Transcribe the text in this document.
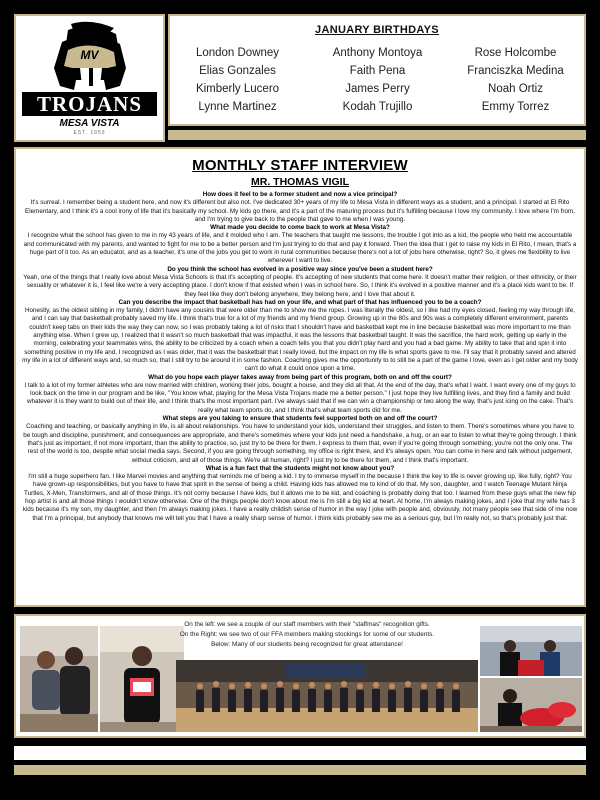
MV
TROJANS
MESA VISTA
EST. 1953
JANUARY BIRTHDAYS
London Downey
Elias Gonzales
Kimberly Lucero
Lynne Martinez
Anthony Montoya
Faith Pena
James Perry
Kodah Trujillo
Rose Holcombe
Franciszka Medina
Noah Ortiz
Emmy Torrez
MONTHLY STAFF INTERVIEW
MR. THOMAS VIGIL
How does it feel to be a former student and now a vice principal?
It's surreal. I remember being a student here, and now it's different but also not. I've dedicated 30+ years of my life to Mesa Vista in different ways as a student, and a principal. I started at El Rito Elementary, and I think it's a cool irony of life that it's basically my school. My kids go there, and it's a part of the maturing process but it's fulfilling because I love my community. I love where I'm from, and I'm trying to give back to the people that gave to me when I was young.
What made you decide to come back to work at Mesa Vista?
I recognize what the school has given to me in my 43 years of life, and it molded who I am. The teachers that taught me lessons, the trouble I got into as a kid, the people who held me accountable and communicated with my parents, and wanted to fight for me to be a better person and I'm just trying to do that and pay it forward. Then the idea that I get to raise my kids in El Rito, I mean, that's a huge part of it too. As an educator, and as a teacher, it's one of the jobs you get to work in rural communities because there's not a lot of jobs here otherwise, right? So, it gives me flexibility to live wherever I want to live.
Do you think the school has evolved in a positive way since you've been a student here?
Yeah, one of the things that I really love about Mesa Vista Schools is that it's accepting of people. It's accepting of new students that come here. It doesn't matter their religion, or their ethnicity, or their sexuality or whatever it is, I feel like we're a very accepting place. I don't know if that existed when I was in school here. So, I think it's evolved in a positive manner and it's a place kids want to be. If they feel like they don't belong anywhere, they belong here, and I love that about it.
Can you describe the impact that basketball has had on your life, and what part of that has influenced you to be a coach?
Honestly, as the oldest sibling in my family, I didn't have any cousins that were older than me to show me the ropes. I was literally the oldest, so I like had my eyes closed, feeling my way through life, and I can say that basketball probably saved my life. I think that's true for a lot of my friends and my friend group. Growing up in the 80s and 90s was a completely different environment, parents couldn't keep tabs on their kids the way they can now, so I was probably taking a lot of risks that I shouldn't have and basketball kept me in line because basketball was more important to me than anything else. When I grew up, I realized that it wasn't so much basketball that was impactful, it was the lessons that basketball taught. It was the sacrifice, the hard work, getting up early in the morning, celebrating your teammates wins, the ability to be criticized by a coach when a coach tells you that you didn't play hard and you had a bad game. My ability to take that and spin it into something positive in my life and, I recognized as I was older, that it was the basketball that I really loved, but the impact on my life is what sports gave to me. I'll say that it probably saved and altered my life in a lot of different ways and, so much so, that I still try to be around it in some fashion. Coaching gives me the opportunity to to still be a part of the game I love, even as I get older and my body can't do what it could once upon a time.
What do you hope each player takes away from being part of this program, both on and off the court?
I talk to a lot of my former athletes who are now married with children, working their jobs, bought a house, and they did all that. At the end of the day, that's what I want. I want every one of my guys to look back on the time in our program and be like, "You know what, playing for the Mesa Vista Trojans made me a better person." I just hope they live fulfilling lives, and they find a family and build whatever it is they want to build out of their life, and I think that's the most important part. I've always said that if we can win a championship or two along the way, that's just icing on the cake. That's really what team sports do, and I think that's what team sports did for me.
What steps are you taking to ensure that students feel supported both on and off the court?
Coaching and teaching, or basically anything in life, is all about relationships. You have to understand your kids, understand their struggles, and listen to them. There's sometimes where you have to be tough and discipline, punishment, and consequences are appropriate, and there's sometimes where your kids just need a handshake, a hug, or an ear to listen to what they're going through. I think that's just as important, if not more important, than the ability to practice, so, just try to be there for them. I express to them that, even if you're going through something, you're not the only one. The rest of the world is too, despite what social media says. Second, if you are going through something, my office is right there, and it's always open. You can come in here and talk without judgement, without criticism, and all of those things. We're all human, right? I just try to be there for them, and I think that's important.
What is a fun fact that the students might not know about you?
I'm still a huge superhero fan. I like Marvel movies and anything that reminds me of being a kid. I try to immerse myself in the because I think the key to life is never growing up, like fully, right? You have grown-up responsibilities, but you have to have that spirit in the sense of being a child. Having kids has allowed me to kind of do that. My son, daughter, and I watch Teenage Mutant Ninja Turtles, X-Men, Transformers, and all of those things. It's not corny because I have kids, but it allows me to be kid, and coaching is probably doing that too. I learned from these guys what the new hip hop artist is and all those things I wouldn't know otherwise. One of the things people don't know about me is I'm still a big kid at heart. At home, I'm always making jokes, and I joke that my wife has 3 kids because it's my son, my daughter, and then I'm always making jokes. I have a really childish sense of humor in the way I joke with people and, obviously, not many people see that side of me now that I'm a principal, but anybody that knows me will tell you that I have a really sharp sense of humor. I think kids probably see me as a serious guy, but I'm really not, so that's probably just that.
On the left: we see a couple of our staff members with their "staffmas" recognition gifts.
On the Right: we see two of our FFA members making stockings for some of our students.
Below: Many of our students being recognized for great attendance!
